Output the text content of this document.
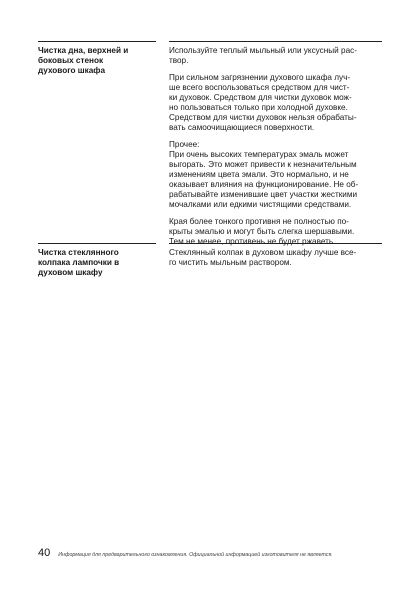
Чистка дна, верхней и
боковых стенок
духового шкафа

Используйте теплый мыльный или уксусный рас-
твор.

При сильном загрязнении духового шкафа луч-
ше всего воспользоваться средством для чист-
ки духовок. Средством для чистки духовок мож-
но пользоваться только при холодной духовке.
Средством для чистки духовок нельзя обрабаты-
вать самоочищающиеся поверхности.

Прочее:
При очень высоких температурах эмаль может
выгорать. Это может привести к незначительным
изменениям цвета эмали. Это нормально, и не
оказывает влияния на функционирование. Не об-
рабатывайте изменившие цвет участки жесткими
мочалками или едкими чистящими средствами.

Края более тонкого противня не полностью по-
крыты эмалью и могут быть слегка шершавыми.
Тем не менее, противень не будет ржаветь.

Чистка стеклянного
колпака лампочки в
духовом шкафу

Стеклянный колпак в духовом шкафу лучше все-
го чистить мыльным раствором.

40 Информация для предварительного ознакомления. Официальной информацией изготовителя не является.
